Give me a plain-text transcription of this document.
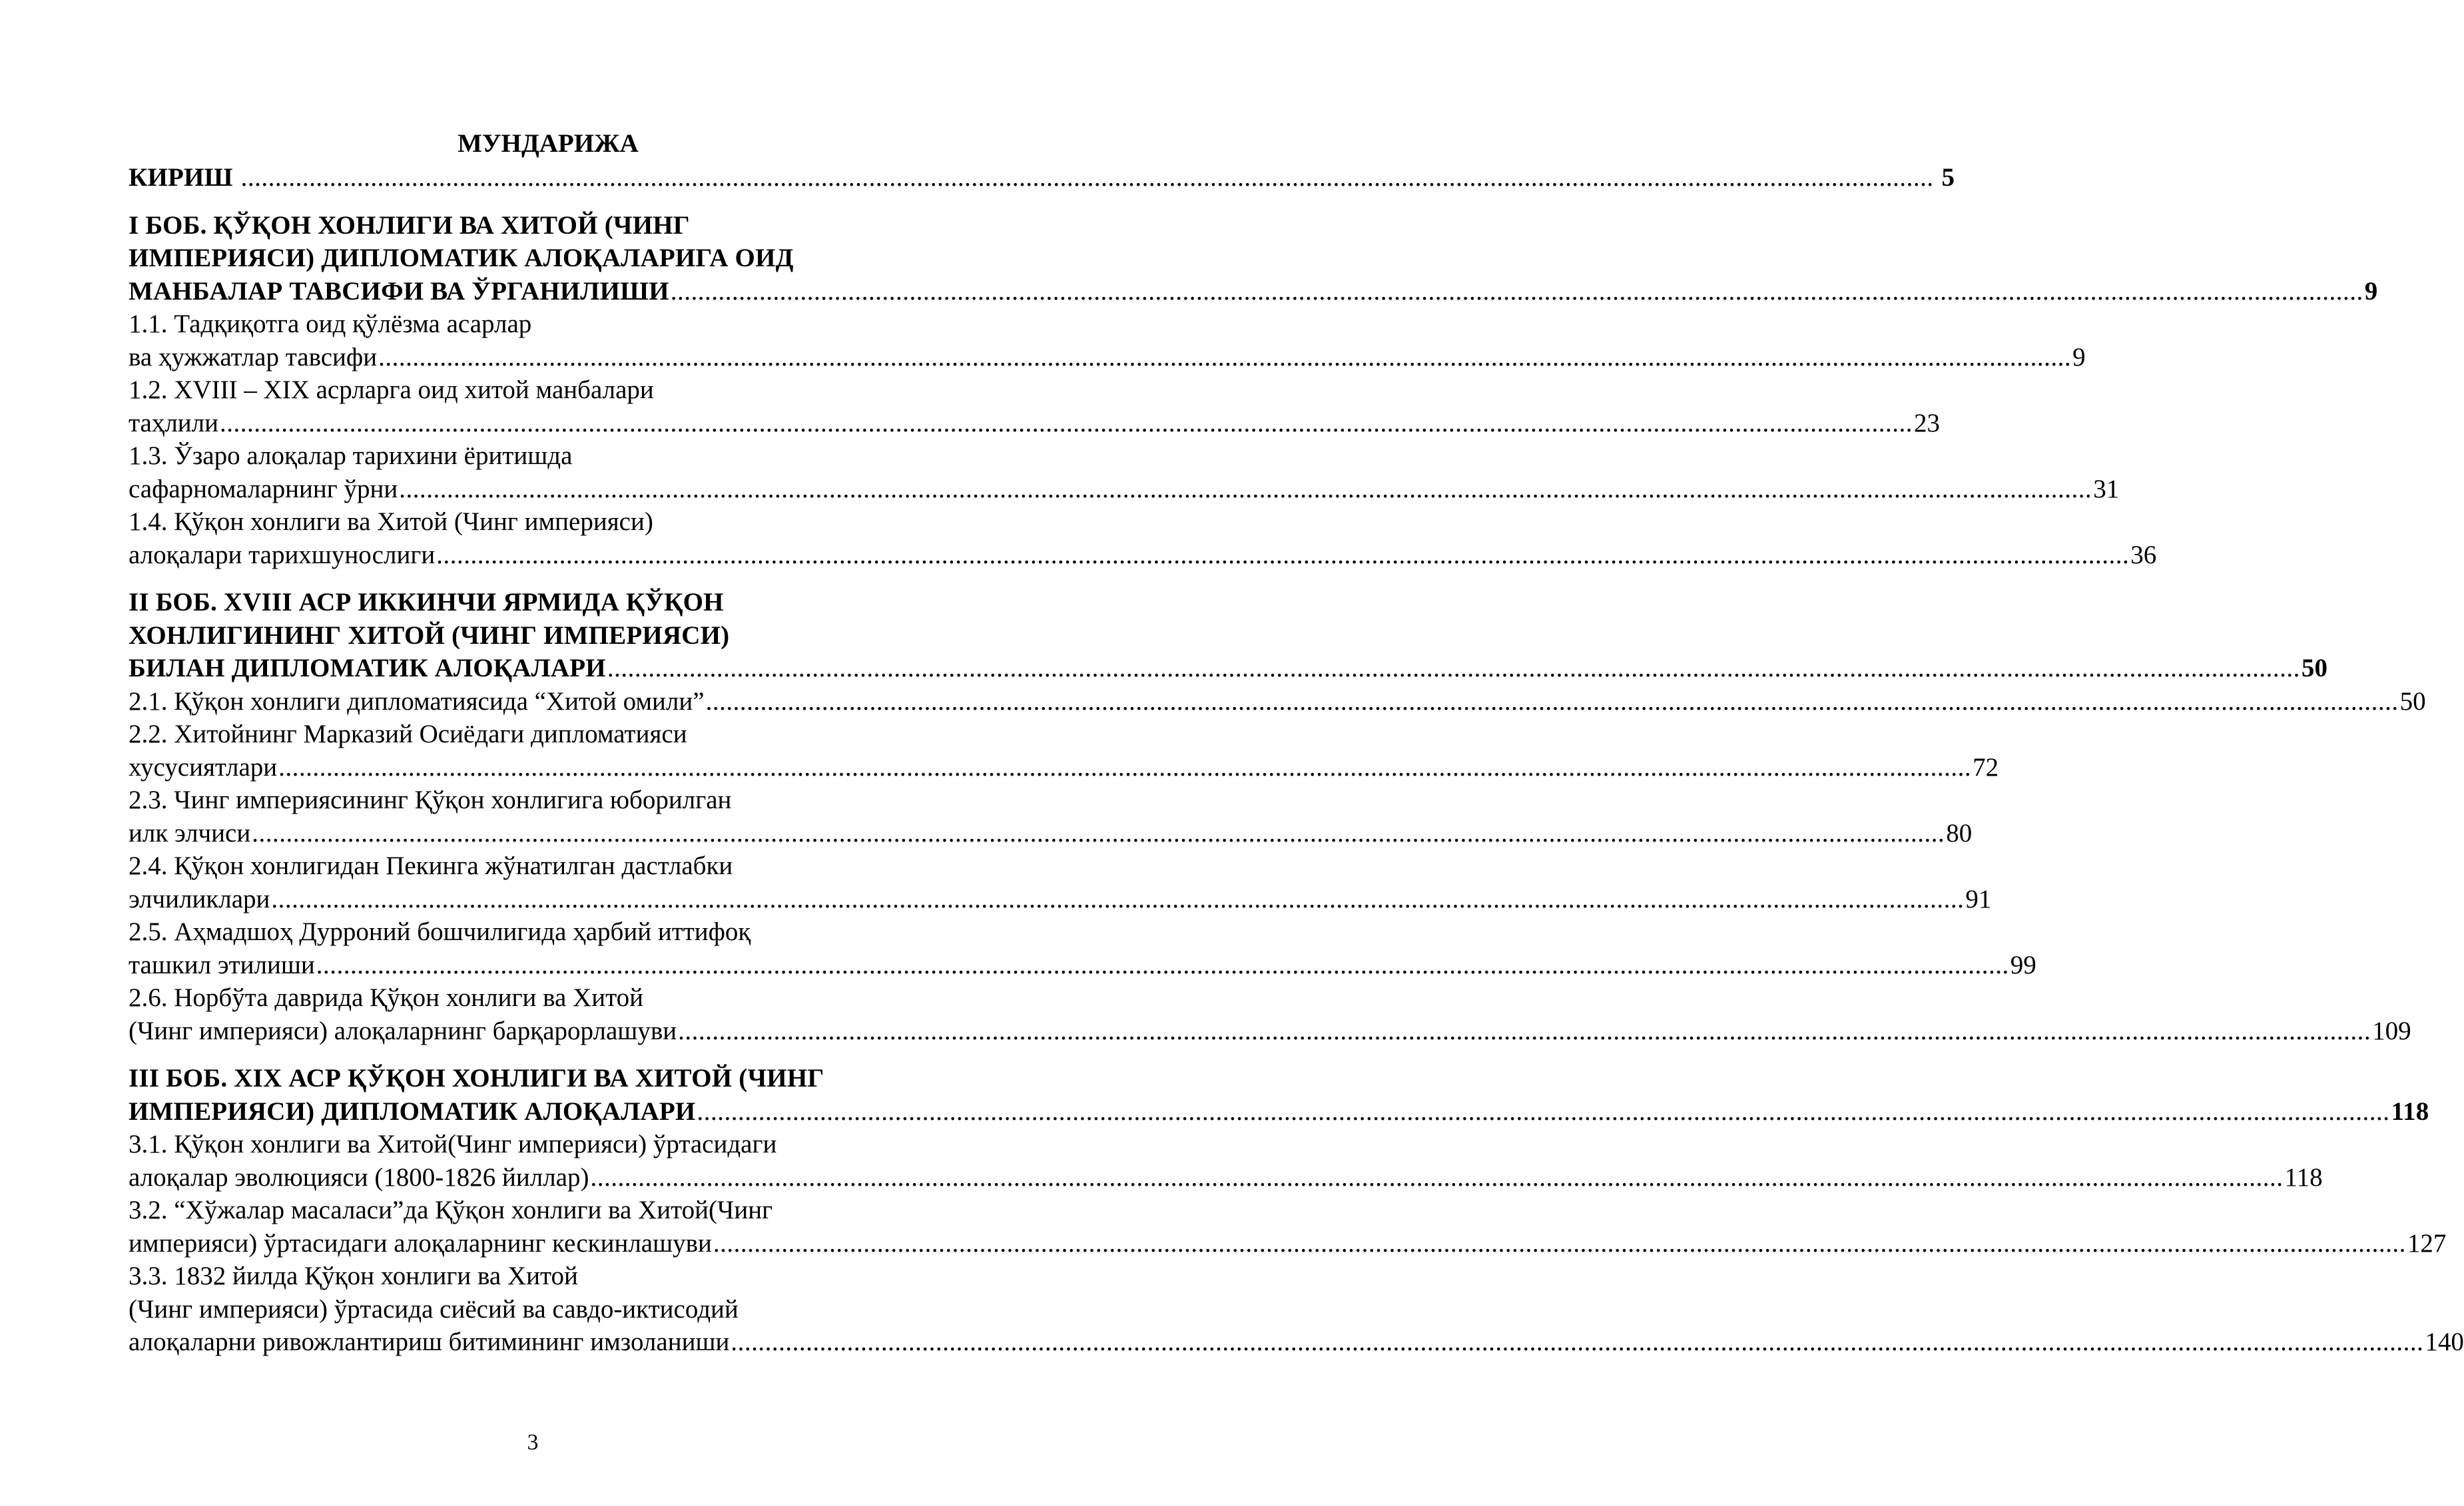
МУНДАРИЖА
КИРИШ .....	5
I БОБ. ҚЎҚОН ХОНЛИГИ ВА ХИТОЙ (ЧИНГ
ИМПЕРИЯСИ) ДИПЛОМАТИК АЛОҚАЛАРИГА ОИД
МАНБАЛАР ТАВСИФИ ВА ЎРГАНИЛИШИ .....	9
1.1. Тадқиқотга оид қўлёзма асарлар
ва ҳужжатлар тавсифи .....	9
1.2. XVIII – XIX асрларга оид хитой манбалари
таҳлили .....	23
1.3. Ўзаро алоқалар тарихини ёритишда
сафарномаларнинг ўрни .....	31
1.4. Қўқон хонлиги ва Хитой (Чинг империяси)
алоқалари тарихшунослиги .....	36
II БОБ. XVIII АСР ИККИНЧИ ЯРМИДА ҚЎҚОН
ХОНЛИГИНИНГ ХИТОЙ (ЧИНГ ИМПЕРИЯСИ)
БИЛАН ДИПЛОМАТИК АЛОҚАЛАРИ .....	50
2.1. Қўқон хонлиги дипломатиясида “Хитой омили” .....	50
2.2. Хитойнинг Марказий Осиёдаги дипломатияси
хусусиятлари .....	72
2.3. Чинг империясининг Қўқон хонлигига юборилган
илк элчиси .....	80
2.4. Қўқон хонлигидан Пекинга жўнатилган дастлабки
элчиликлари .....	91
2.5. Аҳмадшоҳ Дурроний бошчилигида ҳарбий иттифоқ
ташкил этилиши .....	99
2.6. Норбўта даврида Қўқон хонлиги ва Хитой
(Чинг империяси) алоқаларнинг барқарорлашуви .....	109
III БОБ. XIX АСР ҚЎҚОН ХОНЛИГИ ВА ХИТОЙ (ЧИНГ
ИМПЕРИЯСИ) ДИПЛОМАТИК АЛОҚАЛАРИ .....	118
3.1. Қўқон хонлиги ва Хитой(Чинг империяси) ўртасидаги
алоқалар эволюцияси (1800-1826 йиллар) .....	118
3.2. “Хўжалар масаласи”да Қўқон хонлиги ва Хитой(Чинг
империяси) ўртасидаги алоқаларнинг кескинлашуви .....	127
3.3. 1832 йилда Қўқон хонлиги ва Хитой
(Чинг империяси) ўртасида сиёсий ва савдо-иктисодий
алоқаларни ривожлантириш битимининг имзоланиши .....	140
3
